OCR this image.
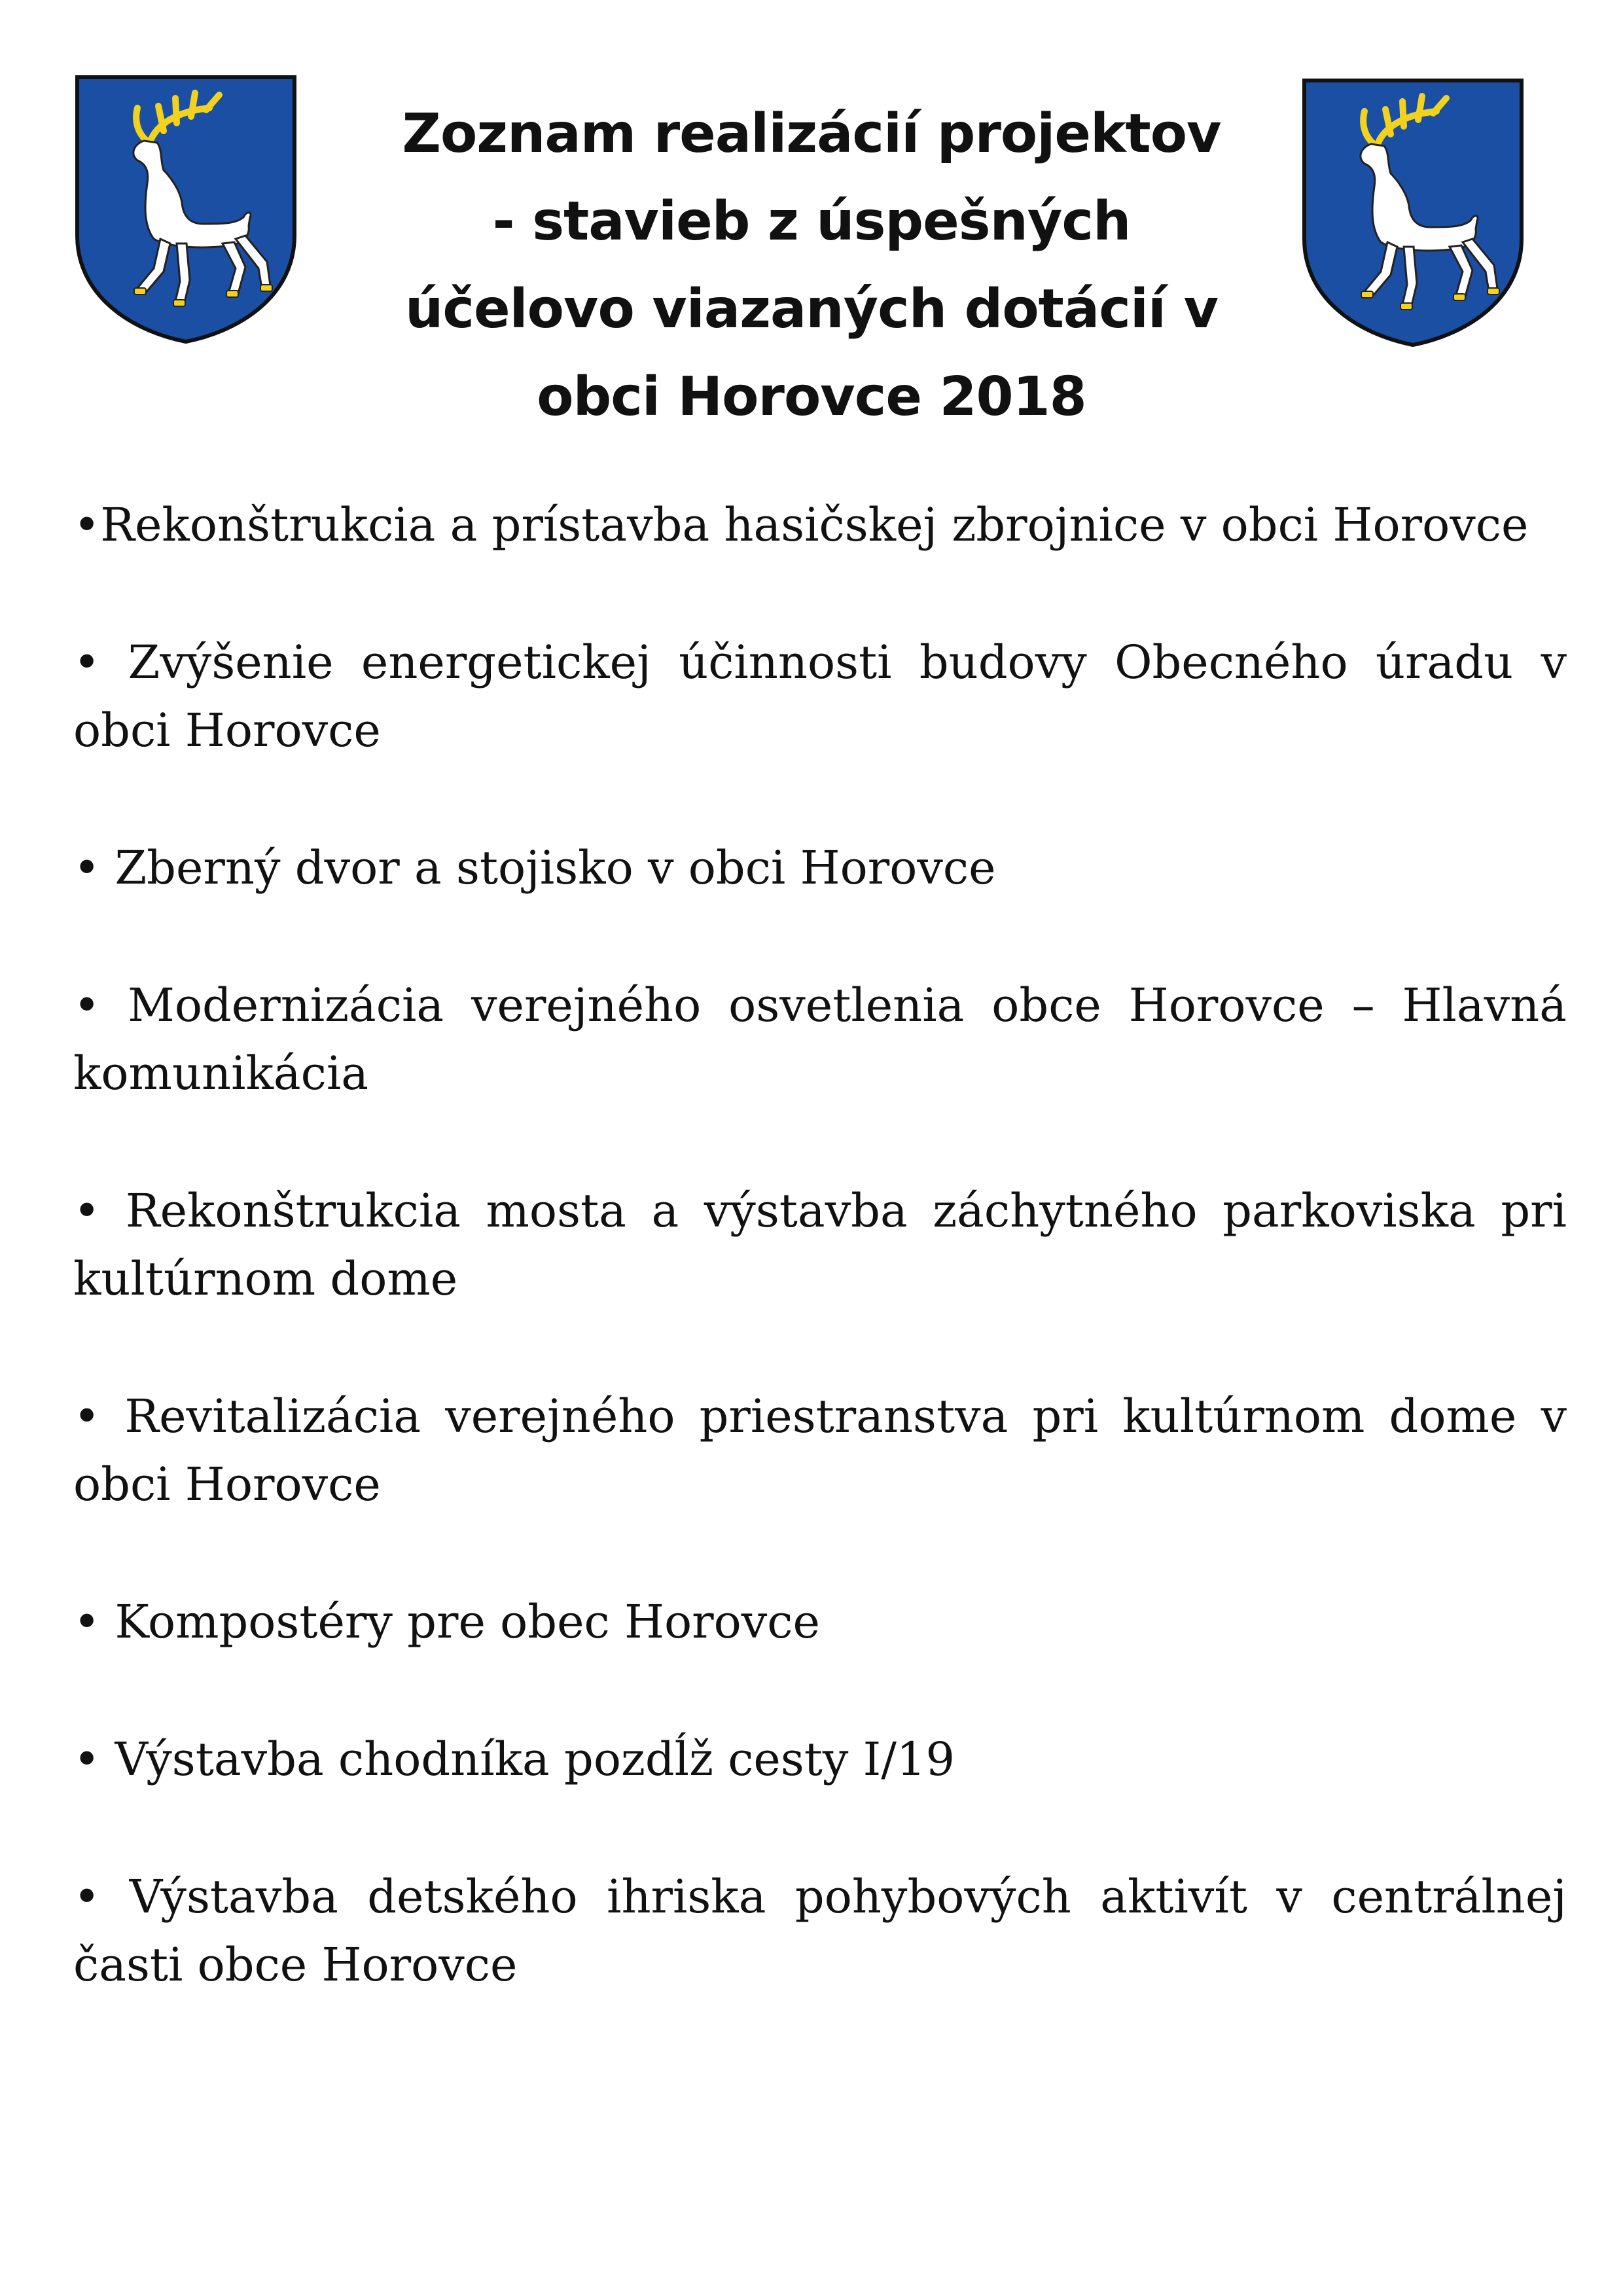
Zoznam realizácií projektov
- stavieb z úspešných
účelovo viazaných dotácií v
obci Horovce 2018
•Rekonštrukcia a prístavba hasičskej zbrojnice v obci Horovce
• Zvýšenie energetickej účinnosti budovy Obecného úradu v obci Horovce
• Zberný dvor a stojisko v obci Horovce
• Modernizácia verejného osvetlenia obce Horovce – Hlavná komunikácia
• Rekonštrukcia mosta a výstavba záchytného parkoviska pri kultúrnom dome
• Revitalizácia verejného priestranstva pri kultúrnom dome v obci Horovce
• Kompostéry pre obec Horovce
• Výstavba chodníka pozdĺž cesty I/19
• Výstavba detského ihriska pohybových aktivít v centrálnej časti obce Horovce
